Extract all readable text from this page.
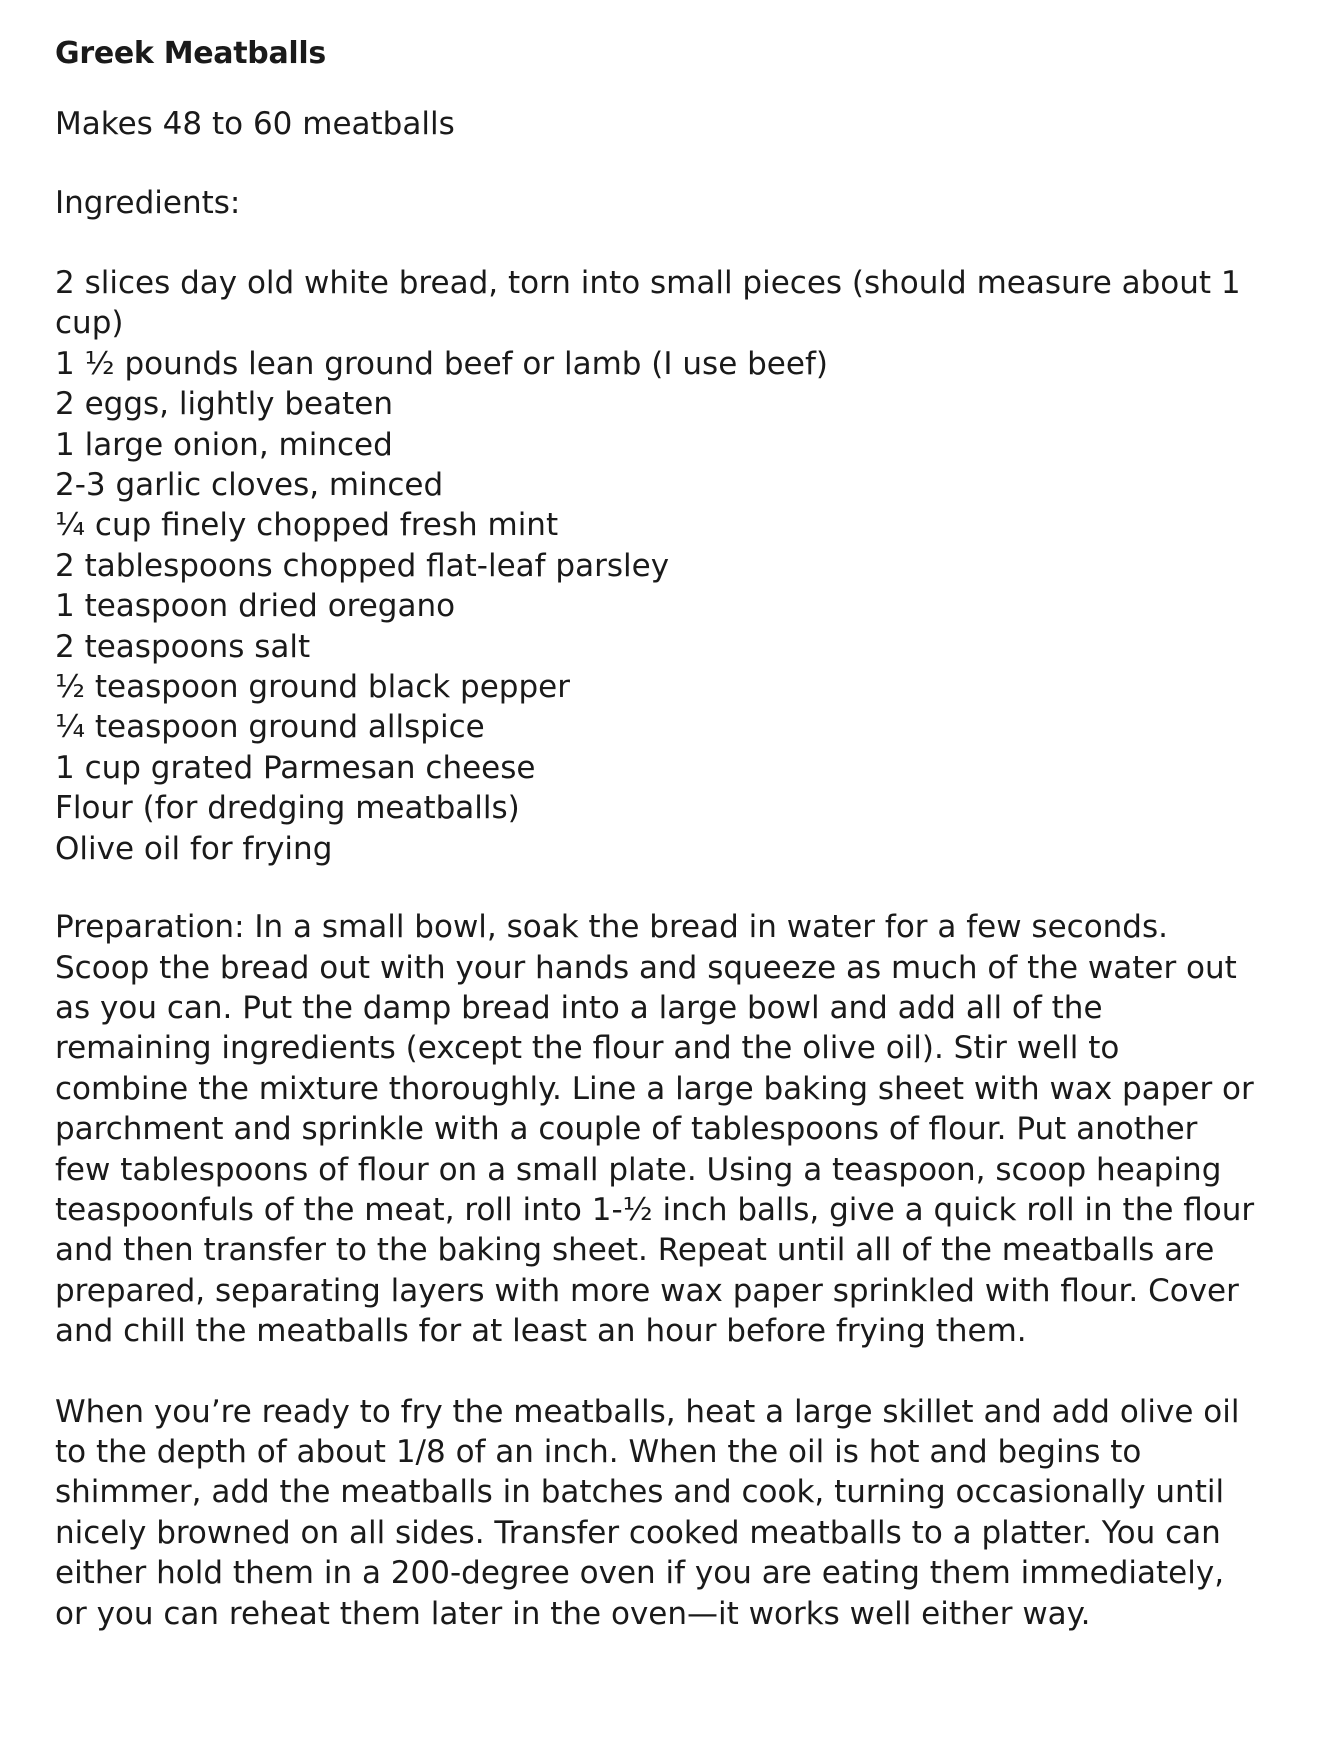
Greek Meatballs
Makes 48 to 60 meatballs
Ingredients:
2 slices day old white bread, torn into small pieces (should measure about 1 cup)
1 ½ pounds lean ground beef or lamb (I use beef)
2 eggs, lightly beaten
1 large onion, minced
2-3 garlic cloves, minced
¼ cup finely chopped fresh mint
2 tablespoons chopped flat-leaf parsley
1 teaspoon dried oregano
2 teaspoons salt
½ teaspoon ground black pepper
¼ teaspoon ground allspice
1 cup grated Parmesan cheese
Flour (for dredging meatballs)
Olive oil for frying

Preparation: In a small bowl, soak the bread in water for a few seconds. Scoop the bread out with your hands and squeeze as much of the water out as you can. Put the damp bread into a large bowl and add all of the remaining ingredients (except the flour and the olive oil). Stir well to combine the mixture thoroughly. Line a large baking sheet with wax paper or parchment and sprinkle with a couple of tablespoons of flour. Put another few tablespoons of flour on a small plate. Using a teaspoon, scoop heaping teaspoonfuls of the meat, roll into 1-½ inch balls, give a quick roll in the flour and then transfer to the baking sheet. Repeat until all of the meatballs are prepared, separating layers with more wax paper sprinkled with flour. Cover and chill the meatballs for at least an hour before frying them.

When you’re ready to fry the meatballs, heat a large skillet and add olive oil to the depth of about 1/8 of an inch. When the oil is hot and begins to shimmer, add the meatballs in batches and cook, turning occasionally until nicely browned on all sides. Transfer cooked meatballs to a platter. You can either hold them in a 200-degree oven if you are eating them immediately, or you can reheat them later in the oven—it works well either way.
